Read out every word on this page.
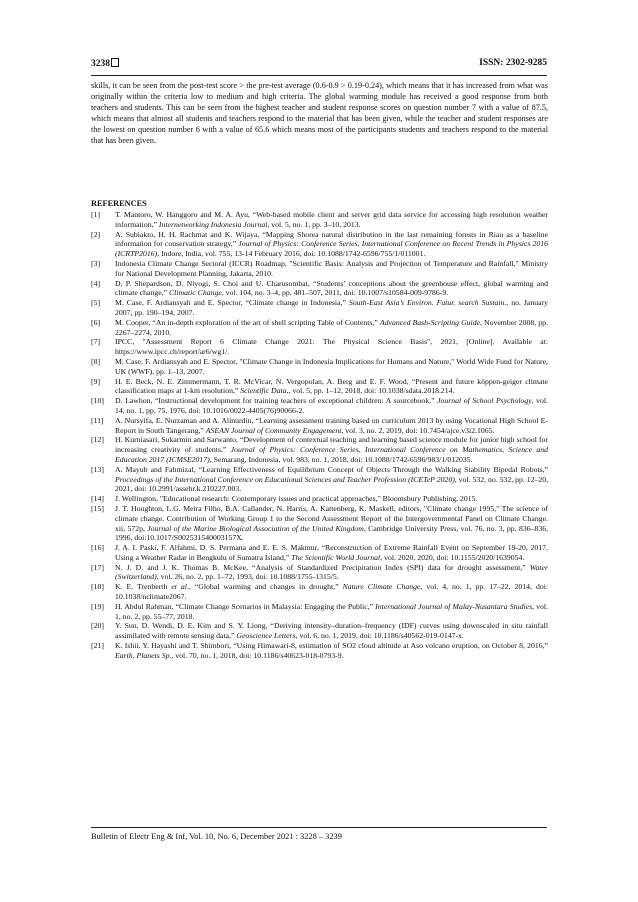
3238	ISSN: 2302-9285

skills, it can be seen from the post-test score > the pre-test average (0.6-0.9 > 0.19-0.24), which means that it has increased from what was originally within the criteria low to medium and high criteria. The global warming module has received a good response from both teachers and students. This can be seen from the highest teacher and student response scores on question number 7 with a value of 87.5, which means that almost all students and teachers respond to the material that has been given, while the teacher and student responses are the lowest on question number 6 with a value of 65.6 which means most of the participants students and teachers respond to the material that has been given.

REFERENCES
[1] T. Mantoro, W. Hanggoro and M. A. Ayu, “Web-based mobile client and server grid data service for accessing high resolution weather information,” Internetworking Indonesia Journal, vol. 5, no. 1, pp. 3–10, 2013.
[2] A. Subiakto, H. H. Rachmat and K. Wijaya, “Mapping Shorea natural distribution in the last remaining forests in Riau as a baseline information for conservation strategy,” Journal of Physics: Conference Series, International Conference on Recent Trends in Physics 2016 (ICRTP2016), Indore, India, vol. 755, 13-14 February 2016, doi: 10.1088/1742-6596/755/1/011001.
[3] Indonesia Climate Change Sectoral (ICCR) Roadmap, "Scientific Basis: Analysis and Projection of Temperature and Rainfall," Ministry for National Development Planning, Jakarta, 2010.
[4] D. P. Shepardson, D. Niyogi, S. Choi and U. Charusombat, “Students’ conceptions about the greenhouse effect, global warming and climate change,” Climatic Change, vol. 104, no. 3–4, pp. 481–507, 2011, doi: 10.1007/s10584-009-9786-9.
[5] M. Case, F. Ardiansyah and E. Spector, “Climate change in Indonesia,” South-East Asia’s Environ. Futur. search Sustain., no. January 2007, pp. 190–194, 2007.
[6] M. Cooper, “An in-depth exploration of the art of shell scripting Table of Contents,” Advanced Bash-Scripting Guide, November 2008, pp. 2267–2274, 2010.
[7] IPCC, "Assessment Report 6 Climate Change 2021: The Physical Science Basis", 2021, [Online]. Available at: https://www.ipcc.ch/report/ar6/wg1/.
[8] M. Case, F. Ardiansyah and E. Spector, "Climate Change in Indonesia Implications for Humans and Nature," World Wide Fund for Nature, UK (WWF), pp. 1–13, 2007.
[9] H. E. Beck, N. E. Zimmermann, T. R. McVicar, N. Vergopolan, A. Berg and E. F. Wood, “Present and future köppen-geiger climate classification maps at 1-km resolution,” Scientific Data,, vol. 5, pp. 1–12, 2018, doi: 10.1038/sdata.2018.214.
[10] D. Lawhon, “Instructional development for training teachers of exceptional children: A sourcebook,” Journal of School Psychology, vol. 14, no. 1, pp. 75, 1976, doi: 10.1016/0022-4405(76)90066-2.
[11] A. Nursyifa, E. Nurzaman and A. Alinurdin, “Learning assessment training based on curriculum 2013 by using Vocational High School E-Report in South Tangerang,” ASEAN Journal of Community Engagement, vol. 3, no. 2, 2019, doi: 10.7454/ajce.v3i2.1065.
[12] H. Kurniasari, Sukarmin and Sarwanto, “Development of contextual teaching and learning based science module for junior high school for increasing creativity of students,” Journal of Physics: Conference Series, International Conference on Mathematics, Science and Education 2017 (ICMSE2017), Semarang, Indonesia, vol. 983, no. 1, 2018, doi: 10.1088/1742-6596/983/1/012035.
[13] A. Mayub and Fahmizal, “Learning Effectiveness of Equilibrium Concept of Objects Through the Walking Stability Bipedal Robots,” Proceedings of the International Conference on Educational Sciences and Teacher Profession (ICETeP 2020), vol. 532, no. 532, pp. 12–20, 2021, doi: 10.2991/assehr.k.210227.003.
[14] J. Wellington, "Educational research: Contemporary issues and practical approaches," Bloomsbury Publishing, 2015.
[15] J. T. Houghton, L.G. Meira Filho, B.A. Callander, N. Harris, A. Kattenberg, K. Maskell, editors, "Climate change 1995," The science of climate change. Contribution of Working Group 1 to the Second Assessment Report of the Intergovernmental Panel on Climate Change. xii, 572p, Journal of the Marine Biological Association of the United Kingdom, Cambridge University Press, vol. 76, no. 3, pp. 836–836, 1996, doi:10.1017/S002531540003157X.
[16] J. A. I. Paski, F. Alfahmi, D. S. Permana and E. E. S. Makmur, “Reconstruction of Extreme Rainfall Event on September 19-20, 2017, Using a Weather Radar in Bengkulu of Sumatra Island,” The Scientific World Journal, vol. 2020, 2020, doi: 10.1155/2020/1639054.
[17] N. J. D. and J. K. Thomas B. McKee, “Analysis of Standardized Precipitation Index (SPI) data for drought assessment,” Water (Switzerland), vol. 26, no. 2, pp. 1–72, 1993, doi: 10.1088/1755-1315/5.
[18] K. E. Trenberth et al., “Global warming and changes in drought,” Nature Climate Change, vol. 4, no. 1, pp. 17–22, 2014, doi: 10.1038/nclimate2067.
[19] H. Abdul Rahman, “Climate Change Scenarios in Malaysia: Engaging the Public,” International Journal of Malay-Nusantara Studies, vol. 1, no. 2, pp. 55–77, 2018.
[20] Y. Sun, D. Wendi, D. E. Kim and S. Y. Liong, “Deriving intensity–duration–frequency (IDF) curves using downscaled in situ rainfall assimilated with remote sensing data,” Geoscience Letters, vol. 6, no. 1, 2019, doi: 10.1186/s40562-019-0147-x.
[21] K. Ishii, Y. Hayashi and T. Shimbori, “Using Himawari-8, estimation of SO2 cloud altitude at Aso volcano eruption, on October 8, 2016,” Earth, Planets Sp., vol. 70, no. 1, 2018, doi: 10.1186/s40623-018-0793-9.
Bulletin of Electr Eng & Inf, Vol. 10, No. 6, December 2021 : 3228 – 3239
